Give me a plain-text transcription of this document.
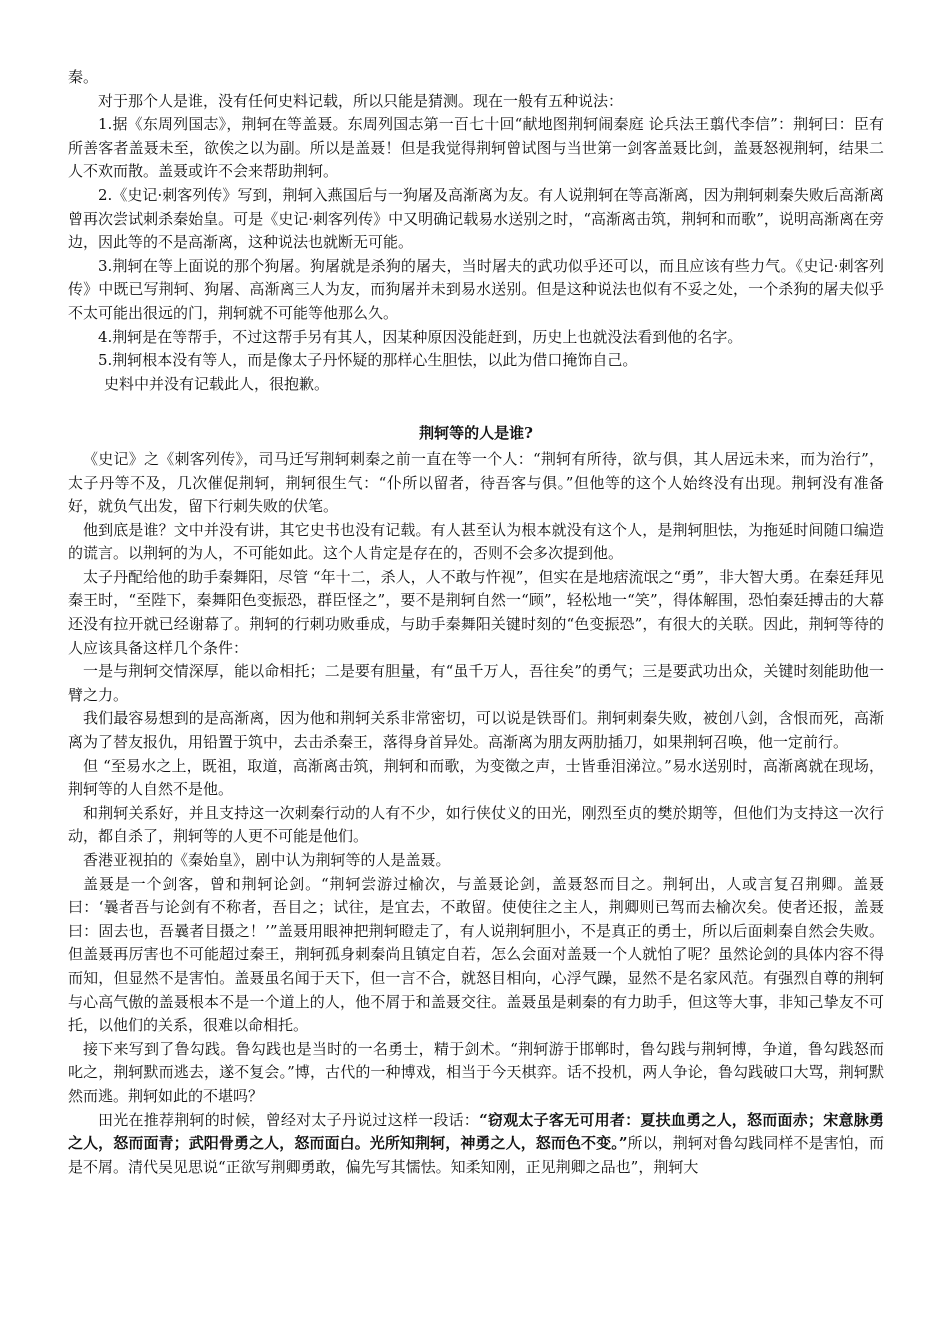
秦。

对于那个人是谁，没有任何史料记载，所以只能是猜测。现在一般有五种说法：

1.据《东周列国志》，荆轲在等盖聂。东周列国志第一百七十回“献地图荆轲闹秦庭 论兵法王翦代李信”：荆轲曰：臣有所善客者盖聂未至，欲俟之以为副。所以是盖聂！但是我觉得荆轲曾试图与当世第一剑客盖聂比剑，盖聂怒视荆轲，结果二人不欢而散。盖聂或许不会来帮助荆轲。

2.《史记·刺客列传》写到，荆轲入燕国后与一狗屠及高渐离为友。有人说荆轲在等高渐离，因为荆轲刺秦失败后高渐离曾再次尝试刺杀秦始皇。可是《史记·刺客列传》中又明确记载易水送别之时，“高渐离击筑，荆轲和而歌”，说明高渐离在旁边，因此等的不是高渐离，这种说法也就断无可能。

3.荆轲在等上面说的那个狗屠。狗屠就是杀狗的屠夫，当时屠夫的武功似乎还可以，而且应该有些力气。《史记·刺客列传》中既已写荆轲、狗屠、高渐离三人为友，而狗屠并未到易水送别。但是这种说法也似有不妥之处，一个杀狗的屠夫似乎不太可能出很远的门，荆轲就不可能等他那么久。

4.荆轲是在等帮手，不过这帮手另有其人，因某种原因没能赶到，历史上也就没法看到他的名字。

5.荆轲根本没有等人，而是像太子丹怀疑的那样心生胆怯，以此为借口掩饰自己。

史料中并没有记载此人，很抱歉。

荆轲等的人是谁?

《史记》之《刺客列传》，司马迁写荆轲刺秦之前一直在等一个人：“荆轲有所待，欲与俱，其人居远未来，而为治行”，太子丹等不及，几次催促荆轲，荆轲很生气：“仆所以留者，待吾客与俱。”但他等的这个人始终没有出现。荆轲没有准备好，就负气出发，留下行刺失败的伏笔。

他到底是谁？文中并没有讲，其它史书也没有记载。有人甚至认为根本就没有这个人，是荆轲胆怯，为拖延时间随口编造的谎言。以荆轲的为人，不可能如此。这个人肯定是存在的，否则不会多次提到他。

太子丹配给他的助手秦舞阳，尽管 “年十二，杀人，人不敢与忤视”，但实在是地痞流氓之“勇”，非大智大勇。在秦廷拜见秦王时，“至陛下，秦舞阳色变振恐，群臣怪之”，要不是荆轲自然一“顾”，轻松地一“笑”，得体解围，恐怕秦廷搏击的大幕还没有拉开就已经谢幕了。荆轲的行刺功败垂成，与助手秦舞阳关键时刻的“色变振恐”，有很大的关联。因此，荆轲等待的人应该具备这样几个条件：

一是与荆轲交情深厚，能以命相托；二是要有胆量，有“虽千万人，吾往矣”的勇气；三是要武功出众，关键时刻能助他一臂之力。

我们最容易想到的是高渐离，因为他和荆轲关系非常密切，可以说是铁哥们。荆轲刺秦失败，被创八剑，含恨而死，高渐离为了替友报仇，用铅置于筑中，去击杀秦王，落得身首异处。高渐离为朋友两肋插刀，如果荆轲召唤，他一定前行。

但 “至易水之上，既祖，取道，高渐离击筑，荆轲和而歌，为变徵之声，士皆垂泪涕泣。”易水送别时，高渐离就在现场，荆轲等的人自然不是他。

和荆轲关系好，并且支持这一次刺秦行动的人有不少，如行侠仗义的田光，刚烈至贞的樊於期等，但他们为支持这一次行动，都自杀了，荆轲等的人更不可能是他们。

香港亚视拍的《秦始皇》，剧中认为荆轲等的人是盖聂。

盖聂是一个剑客，曾和荆轲论剑。“荆轲尝游过榆次，与盖聂论剑，盖聂怒而目之。荆轲出，人或言复召荆卿。盖聂曰：‘曩者吾与论剑有不称者，吾目之；试往，是宜去，不敢留。使使往之主人，荆卿则已驾而去榆次矣。使者还报，盖聂曰：固去也，吾曩者目摄之！’”盖聂用眼神把荆轲瞪走了，有人说荆轲胆小，不是真正的勇士，所以后面刺秦自然会失败。但盖聂再厉害也不可能超过秦王，荆轲孤身刺秦尚且镇定自若，怎么会面对盖聂一个人就怕了呢？虽然论剑的具体内容不得而知，但显然不是害怕。盖聂虽名闻于天下，但一言不合，就怒目相向，心浮气躁，显然不是名家风范。有强烈自尊的荆轲与心高气傲的盖聂根本不是一个道上的人，他不屑于和盖聂交往。盖聂虽是刺秦的有力助手，但这等大事，非知己挚友不可托，以他们的关系，很难以命相托。

接下来写到了鲁勾践。鲁勾践也是当时的一名勇士，精于剑术。“荆轲游于邯郸时，鲁勾践与荆轲博，争道，鲁勾践怒而叱之，荆轲默而逃去，遂不复会。”博，古代的一种博戏，相当于今天棋弈。话不投机，两人争论，鲁勾践破口大骂，荆轲默然而逃。荆轲如此的不堪吗？

田光在推荐荆轲的时候，曾经对太子丹说过这样一段话：“窃观太子客无可用者：夏扶血勇之人，怒而面赤；宋意脉勇之人，怒而面青；武阳骨勇之人，怒而面白。光所知荆轲，神勇之人，怒而色不变。”所以，荆轲对鲁勾践同样不是害怕，而是不屑。清代吴见思说“正欲写荆卿勇敢，偏先写其懦怯。知柔知刚，正见荆卿之品也”，荆轲大
